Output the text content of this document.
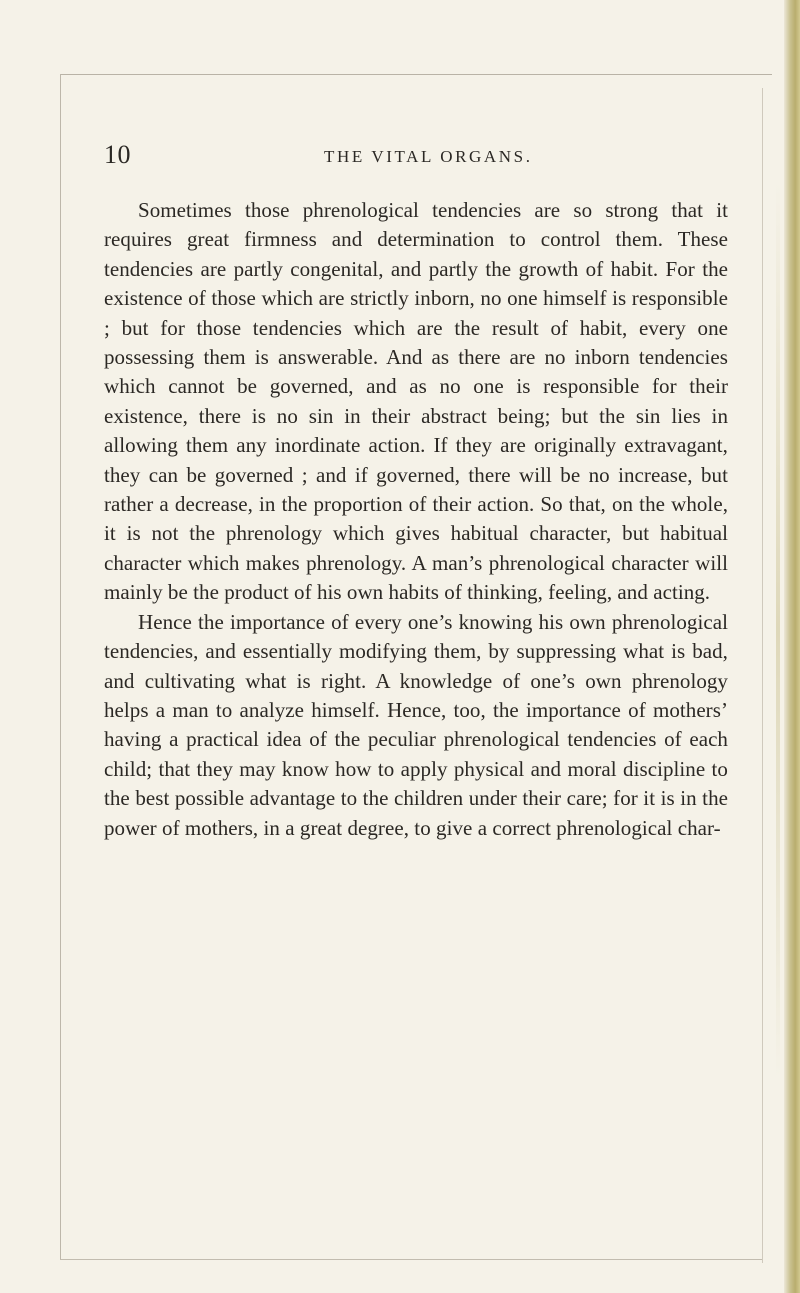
10	THE VITAL ORGANS.

Sometimes those phrenological tendencies are so strong that it requires great firmness and determination to control them. These tendencies are partly congenital, and partly the growth of habit. For the existence of those which are strictly inborn, no one himself is responsible ; but for those tendencies which are the result of habit, every one possessing them is answerable. And as there are no inborn tendencies which cannot be governed, and as no one is responsible for their existence, there is no sin in their abstract being; but the sin lies in allowing them any inordinate action. If they are originally extravagant, they can be governed ; and if governed, there will be no increase, but rather a decrease, in the proportion of their action. So that, on the whole, it is not the phrenology which gives habitual character, but habitual character which makes phrenology. A man’s phrenological character will mainly be the product of his own habits of thinking, feeling, and acting.

Hence the importance of every one’s knowing his own phrenological tendencies, and essentially modifying them, by suppressing what is bad, and cultivating what is right. A knowledge of one’s own phrenology helps a man to analyze himself. Hence, too, the importance of mothers’ having a practical idea of the peculiar phrenological tendencies of each child; that they may know how to apply physical and moral discipline to the best possible advantage to the children under their care; for it is in the power of mothers, in a great degree, to give a correct phrenological char-
